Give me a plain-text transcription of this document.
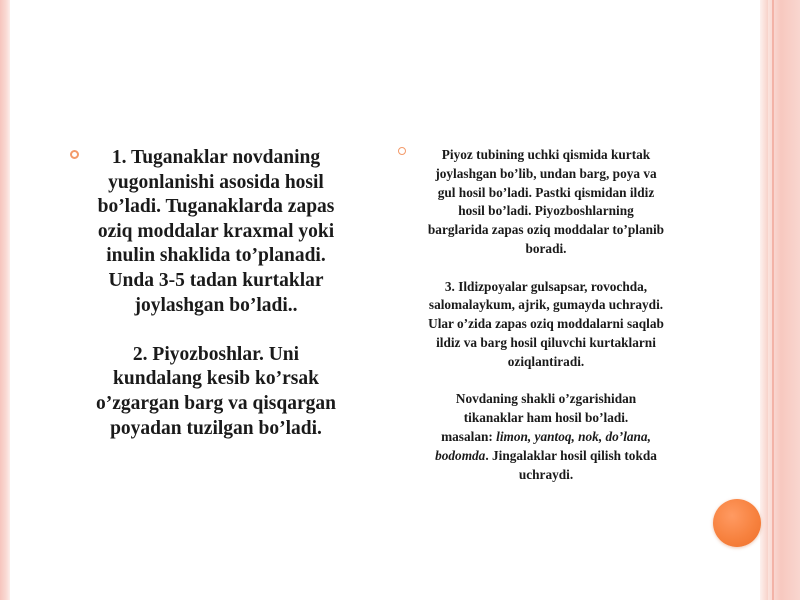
1. Tuganaklar novdaning
yugonlanishi asosida hosil
bo’ladi. Tuganaklarda zapas
oziq moddalar kraxmal yoki
inulin shaklida to’planadi.
Unda 3-5 tadan kurtaklar
joylashgan bo’ladi..

2. Piyozboshlar. Uni
kundalang kesib ko’rsak
o’zgargan barg va qisqargan
poyadan tuzilgan bo’ladi.

Piyoz tubining uchki qismida kurtak
joylashgan bo’lib, undan barg, poya va
gul hosil bo’ladi. Pastki qismidan ildiz
hosil bo’ladi. Piyozboshlarning
barglarida zapas oziq moddalar to’planib
boradi.

3. Ildizpoyalar gulsapsar, rovochda,
salomalaykum, ajrik, gumayda uchraydi.
Ular o’zida zapas oziq moddalarni saqlab
ildiz va barg hosil qiluvchi kurtaklarni
oziqlantiradi.

Novdaning shakli o’zgarishidan
tikanaklar ham hosil bo’ladi.
masalan: limon, yantoq, nok, do’lana,
bodomda. Jingalaklar hosil qilish tokda
uchraydi.
